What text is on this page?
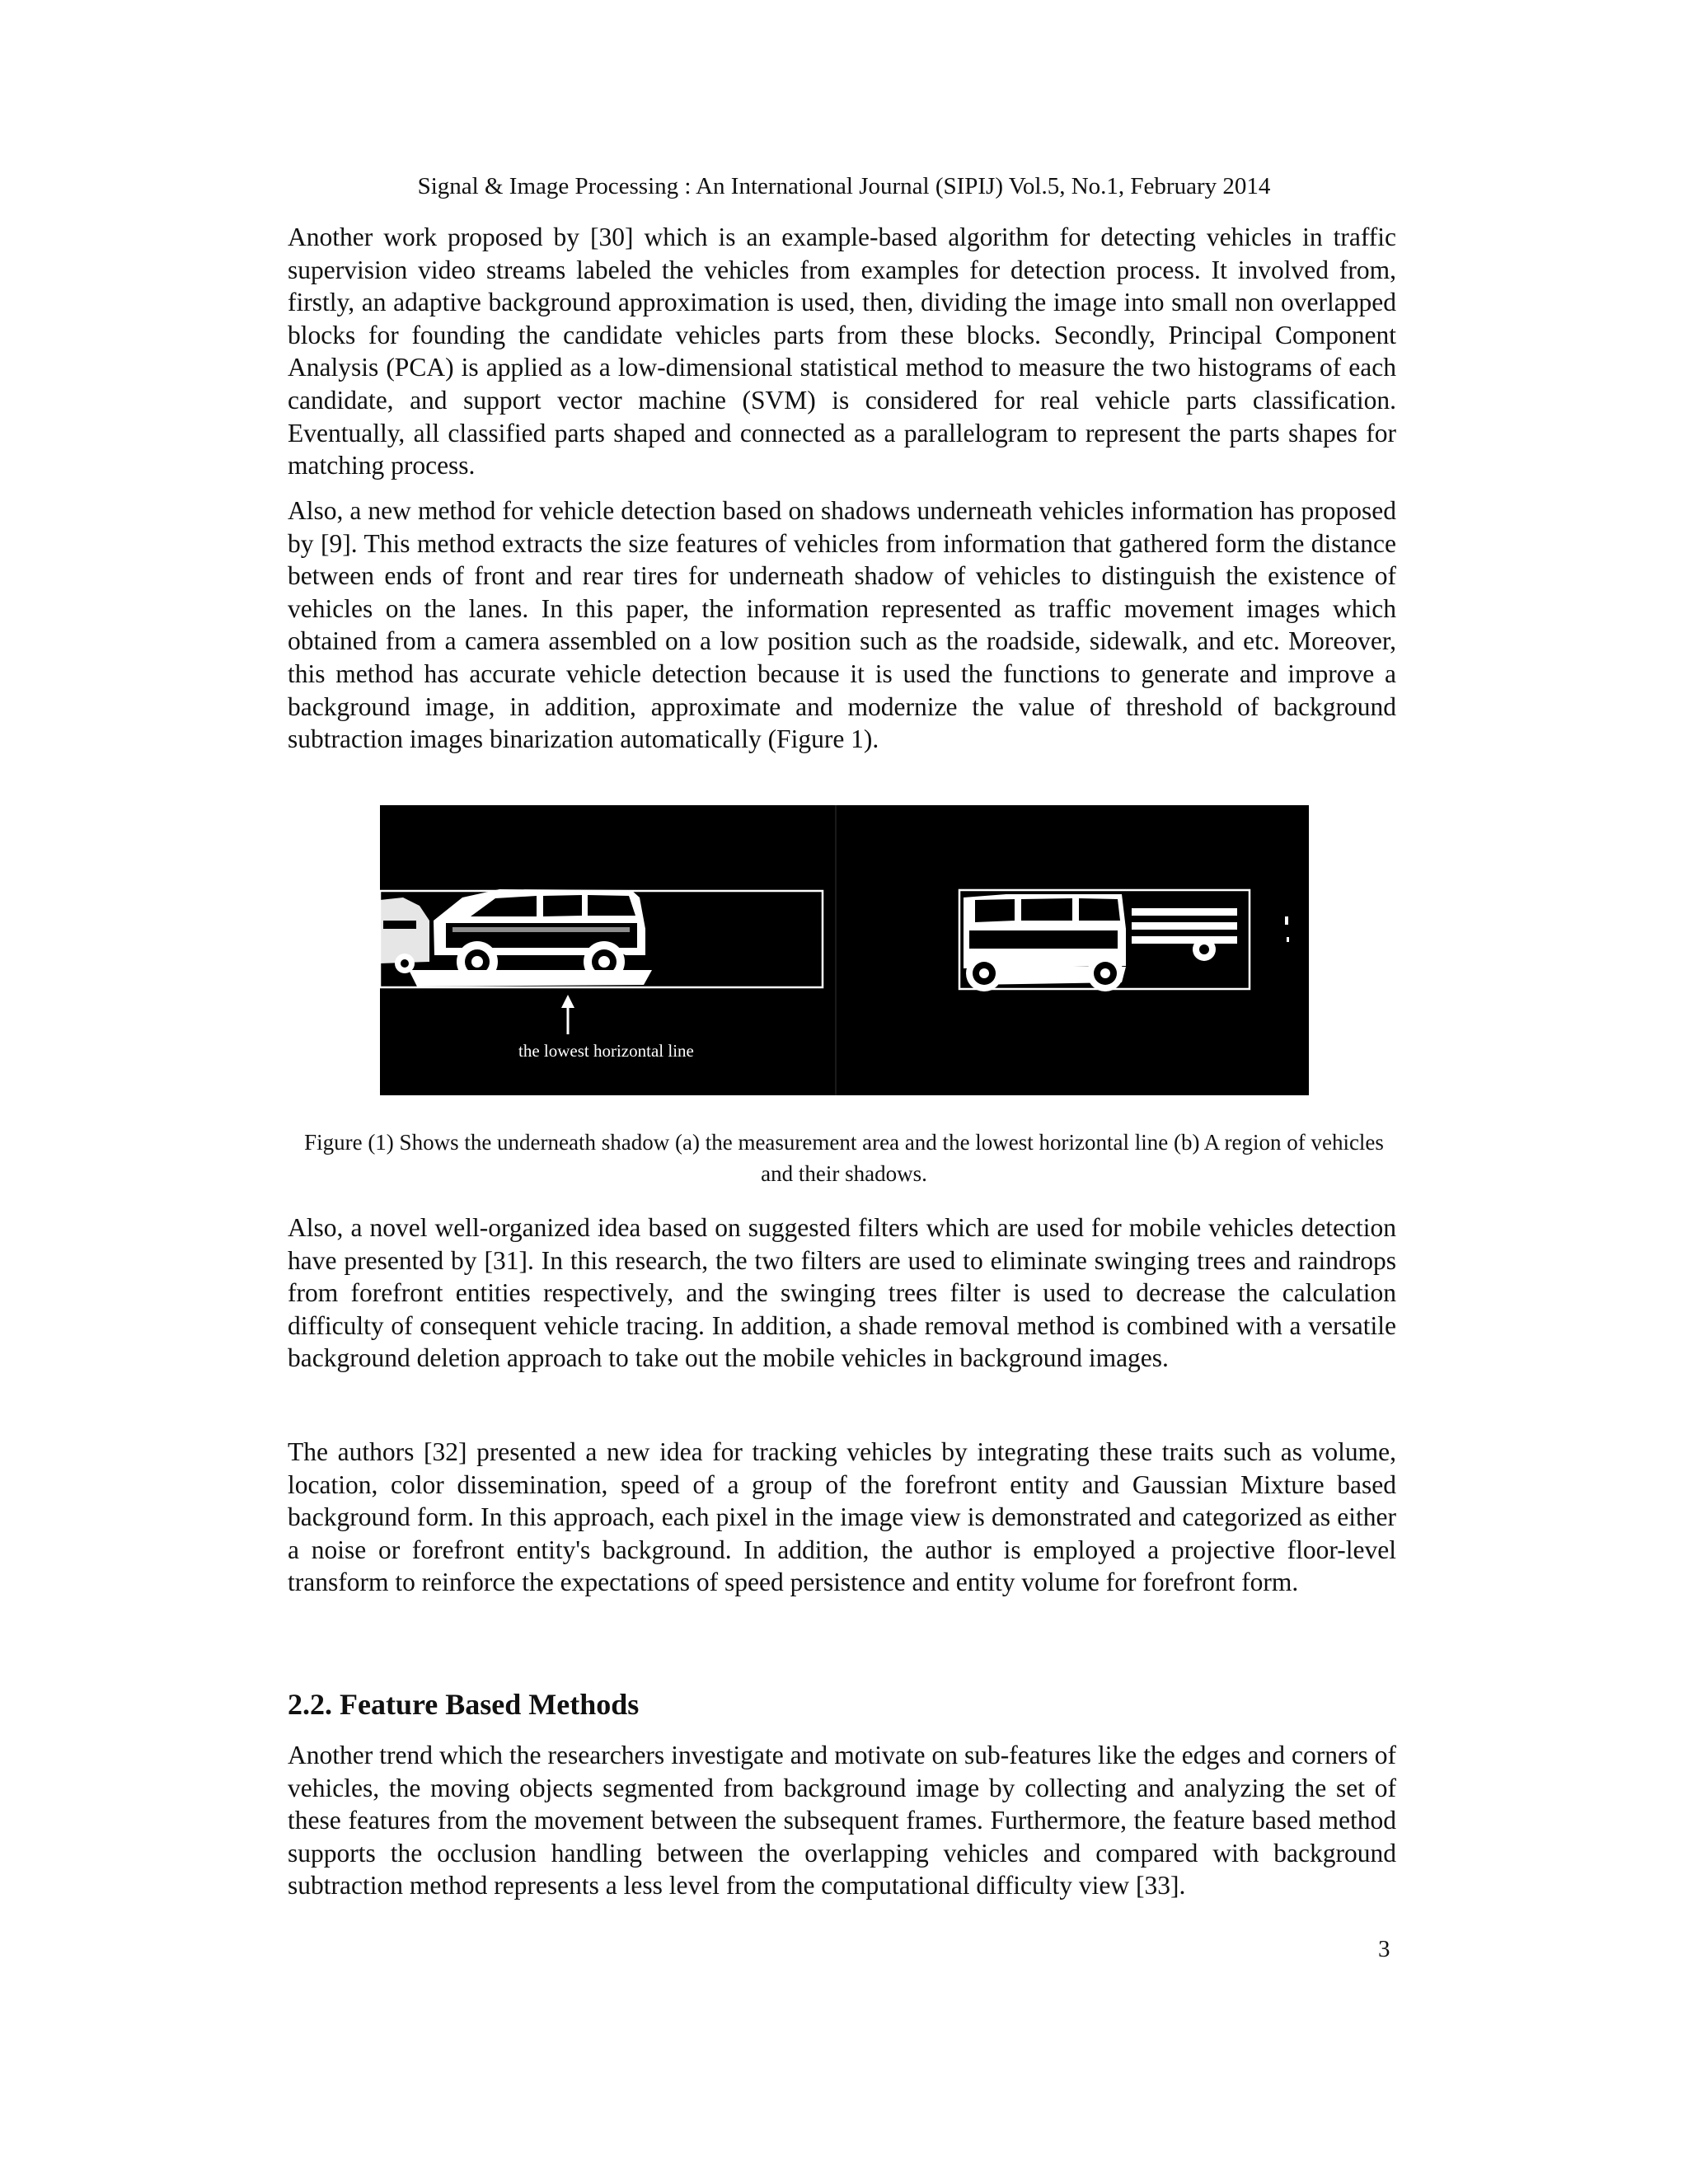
Signal & Image Processing : An International Journal (SIPIJ) Vol.5, No.1, February 2014

Another work proposed by [30] which is an example-based algorithm for detecting vehicles in traffic supervision video streams labeled the vehicles from examples for detection process. It involved from, firstly, an adaptive background approximation is used, then, dividing the image into small non overlapped blocks for founding the candidate vehicles parts from these blocks. Secondly, Principal Component Analysis (PCA) is applied as a low-dimensional statistical method to measure the two histograms of each candidate, and support vector machine (SVM) is considered for real vehicle parts classification. Eventually, all classified parts shaped and connected as a parallelogram to represent the parts shapes for matching process.

Also, a new method for vehicle detection based on shadows underneath vehicles information has proposed by [9]. This method extracts the size features of vehicles from information that gathered form the distance between ends of front and rear tires for underneath shadow of vehicles to distinguish the existence of vehicles on the lanes. In this paper, the information represented as traffic movement images which obtained from a camera assembled on a low position such as the roadside, sidewalk, and etc. Moreover, this method has accurate vehicle detection because it is used the functions to generate and improve a background image, in addition, approximate and modernize the value of threshold of background subtraction images binarization automatically (Figure 1).

the lowest horizontal line

Figure (1) Shows the underneath shadow (a) the measurement area and the lowest horizontal line (b) A region of vehicles and their shadows.

Also, a novel well-organized idea based on suggested filters which are used for mobile vehicles detection have presented by [31]. In this research, the two filters are used to eliminate swinging trees and raindrops from forefront entities respectively, and the swinging trees filter is used to decrease the calculation difficulty of consequent vehicle tracing. In addition, a shade removal method is combined with a versatile background deletion approach to take out the mobile vehicles in background images.

The authors [32] presented a new idea for tracking vehicles by integrating these traits such as volume, location, color dissemination, speed of a group of the forefront entity and Gaussian Mixture based background form. In this approach, each pixel in the image view is demonstrated and categorized as either a noise or forefront entity's background. In addition, the author is employed a projective floor-level transform to reinforce the expectations of speed persistence and entity volume for forefront form.

2.2. Feature Based Methods

Another trend which the researchers investigate and motivate on sub-features like the edges and corners of vehicles, the moving objects segmented from background image by collecting and analyzing the set of these features from the movement between the subsequent frames. Furthermore, the feature based method supports the occlusion handling between the overlapping vehicles and compared with background subtraction method represents a less level from the computational difficulty view [33].

3
